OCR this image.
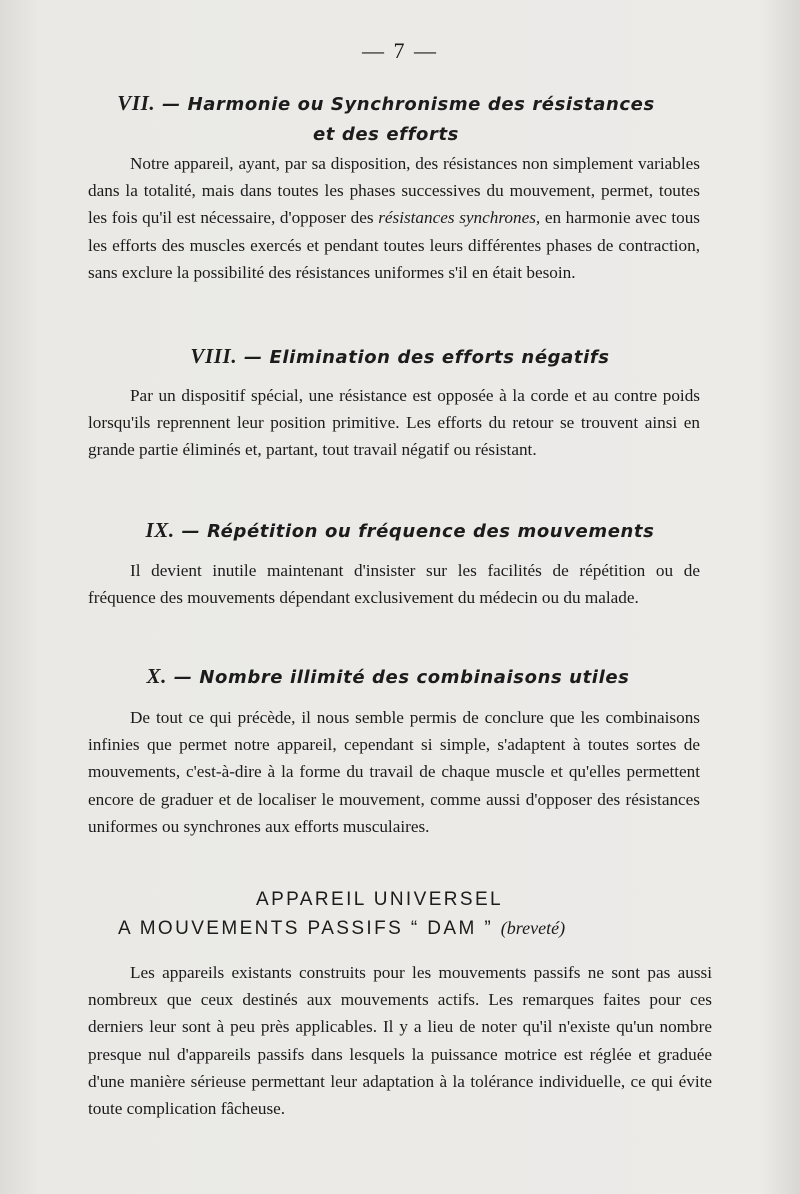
— 7 —
VII. — Harmonie ou Synchronisme des résistances
et des efforts
Notre appareil, ayant, par sa disposition, des résistances non simplement variables dans la totalité, mais dans toutes les phases successives du mouvement, permet, toutes les fois qu'il est nécessaire, d'opposer des résistances synchrones, en harmonie avec tous les efforts des muscles exercés et pendant toutes leurs différentes phases de contraction, sans exclure la possibilité des résistances uniformes s'il en était besoin.
VIII. — Elimination des efforts négatifs
Par un dispositif spécial, une résistance est opposée à la corde et au contre poids lorsqu'ils reprennent leur position primitive. Les efforts du retour se trouvent ainsi en grande partie éliminés et, partant, tout travail négatif ou résistant.
IX. — Répétition ou fréquence des mouvements
Il devient inutile maintenant d'insister sur les facilités de répétition ou de fréquence des mouvements dépendant exclusivement du médecin ou du malade.
X. — Nombre illimité des combinaisons utiles
De tout ce qui précède, il nous semble permis de conclure que les combinaisons infinies que permet notre appareil, cependant si simple, s'adaptent à toutes sortes de mouvements, c'est-à-dire à la forme du travail de chaque muscle et qu'elles permettent encore de graduer et de localiser le mouvement, comme aussi d'opposer des résistances uniformes ou synchrones aux efforts musculaires.
APPAREIL UNIVERSEL
A MOUVEMENTS PASSIFS “ DAM ” (breveté)
Les appareils existants construits pour les mouvements passifs ne sont pas aussi nombreux que ceux destinés aux mouvements actifs. Les remarques faites pour ces derniers leur sont à peu près applicables. Il y a lieu de noter qu'il n'existe qu'un nombre presque nul d'appareils passifs dans lesquels la puissance motrice est réglée et graduée d'une manière sérieuse permettant leur adaptation à la tolérance individuelle, ce qui évite toute complication fâcheuse.
